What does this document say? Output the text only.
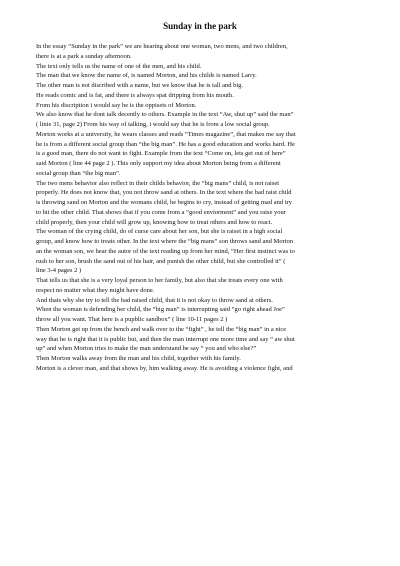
Sunday in the park
In the essay “Sunday in the park” we are hearing about one woman, two mens, and two children,
there is at a park a sunday afternoon.
The text only tells us the name of one of the men, and his child.
The man that we know the name of, is named Morton, and his childs is named Larry.
The other man is not discribed with a name, but we know that he is tall and big.
He reads comic and is fat, and there is always spat dripping from his mouth.
From his discription i would say he is the oppisets of Morton.
We also know that he dont talk decently to others. Example in the text “Aw, shut up” said the man”
( linie 31, page 2) From his way of talking, i would say that he is from a low social group.
Morton works at a university, he wears classes and reads “Times magazine”, that makes me say that
he is from a different social group than “the big man”. He has a good education and works hard. He
is a good man, there do not want to fight. Example from the text “Come on, lets get out of here”
said Morton ( line 44 page 2 ). This only support my idea about Morton being from a different
social group than “the big man”.
The two mens behavior also reflect in their childs behavior, the “big mans” child, is not raiset
properly. He does not know that, you not throw sand at others. In the text where the bad raist child
is throwing sand on Morton and the womans child, he begins to cry, instead of getting mad and try
to hit the other child. That shows that if you come from a “good enviorment” and you raise your
child properly, then your child will grow up, knowing how to treat others and how to react.
The woman of the crying child, do of curse care about her son, but she is raiset in a high social
group, and know how to treats other. In the text where the “big mans” son throws sand and Morton
an the woman son, we hear the autor of the text reading up from her mind, “Her first instinct was to
rush to her son, brush the sand out of his hair, and punish the other child, but she controlled it” (
line 3-4 pages 2 )
That tells us that she is a very loyal person to her family, but also that she treats every one with
respect no matter what they might have done.
And thats why she try to tell the bad raised child, that it is not okay to throw sand at others.
When the woman is defending her child, the “big man” is interrupting said “go right ahead Joe”
throw all you want. That here is a pupblic sandbox” ( line 10-11 pages 2 )
Then Morton get up from the bench and walk over to the “fight” , he tell the “big man” in a nice
way that he is right that it is public but, and then the man interrupt one more time and say “ aw shut
up” and when Morton tries to make the man understand he say “ you and who else?”
Then Morton walks away from the man and his child, together with his family.
Morton is a clever man, and that shows by, him walking away. He is avoiding a violence fight, and
